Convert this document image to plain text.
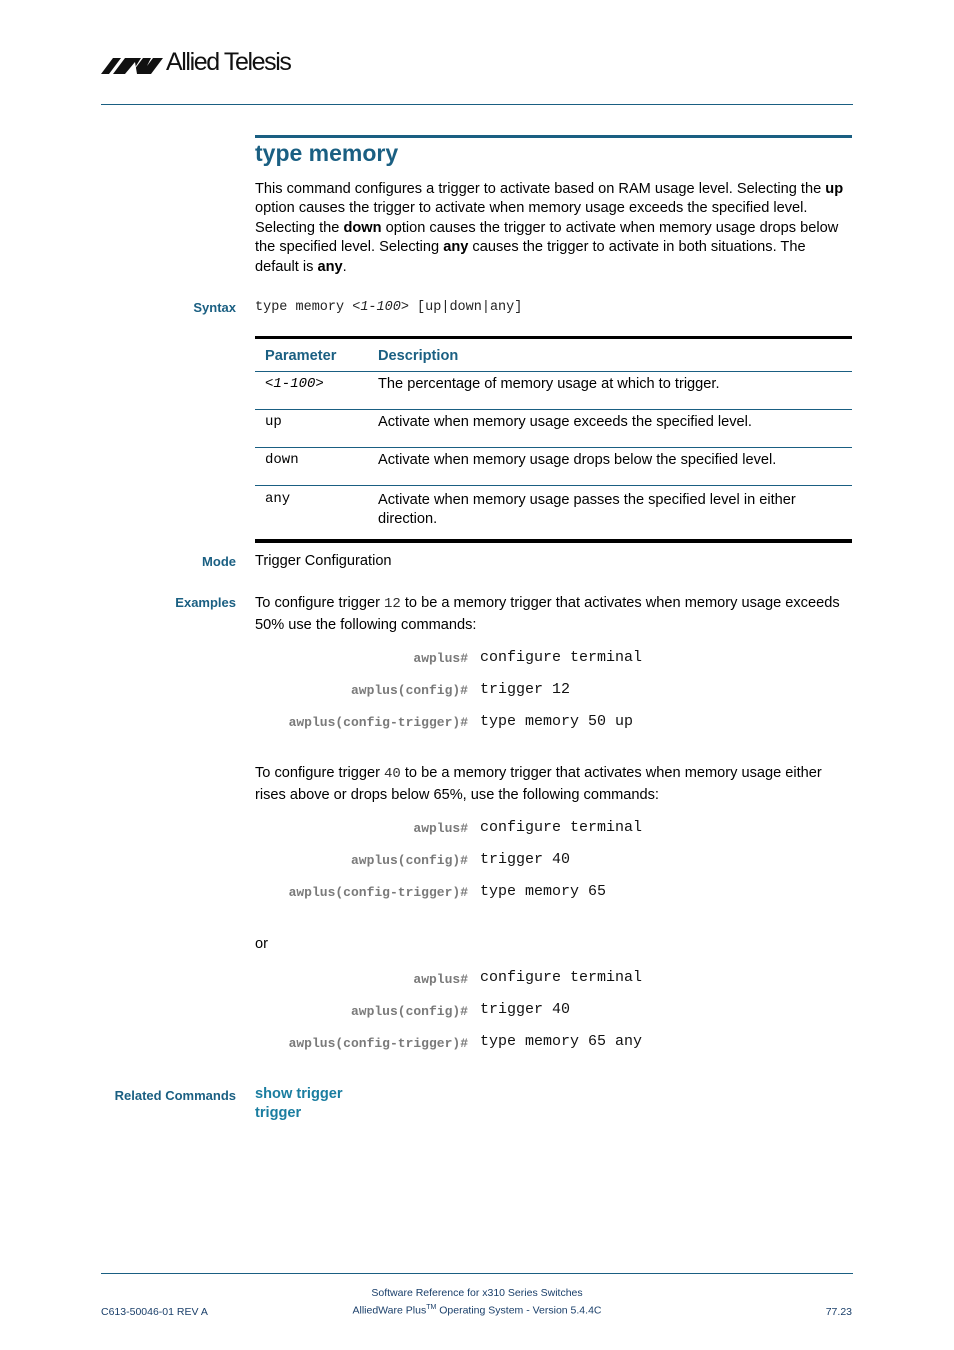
Allied Telesis
type memory
This command configures a trigger to activate based on RAM usage level. Selecting the up option causes the trigger to activate when memory usage exceeds the specified level. Selecting the down option causes the trigger to activate when memory usage drops below the specified level. Selecting any causes the trigger to activate in both situations. The default is any.
Syntax type memory <1-100> [up|down|any]
Parameter	Description
<1-100>	The percentage of memory usage at which to trigger.
up	Activate when memory usage exceeds the specified level.
down	Activate when memory usage drops below the specified level.
any	Activate when memory usage passes the specified level in either direction.
Mode Trigger Configuration
Examples To configure trigger 12 to be a memory trigger that activates when memory usage exceeds 50% use the following commands:
awplus# configure terminal
awplus(config)# trigger 12
awplus(config-trigger)# type memory 50 up
To configure trigger 40 to be a memory trigger that activates when memory usage either rises above or drops below 65%, use the following commands:
awplus# configure terminal
awplus(config)# trigger 40
awplus(config-trigger)# type memory 65
or
awplus# configure terminal
awplus(config)# trigger 40
awplus(config-trigger)# type memory 65 any
Related Commands show trigger
trigger
Software Reference for x310 Series Switches
AlliedWare Plus™ Operating System - Version 5.4.4C
C613-50046-01 REV A	77.23
